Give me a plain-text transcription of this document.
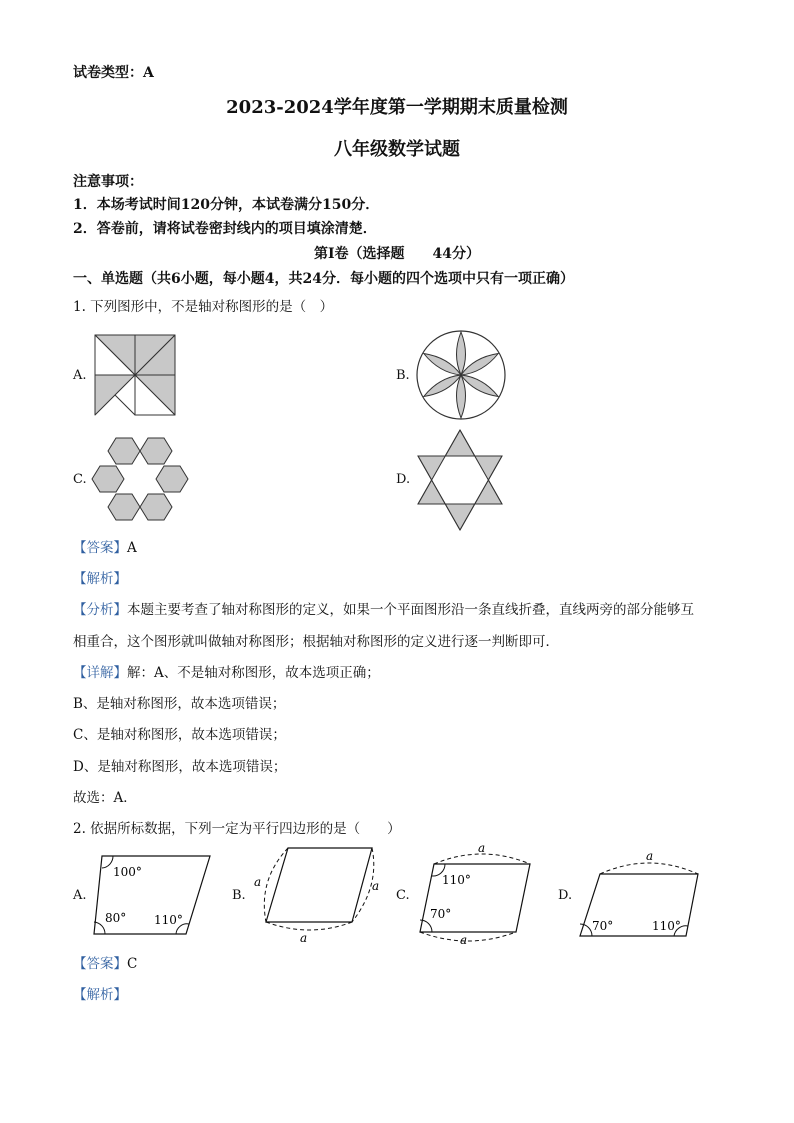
试卷类型：A
2023-2024学年度第一学期期末质量检测
八年级数学试题
注意事项：
1．本场考试时间120分钟，本试卷满分150分．
2．答卷前，请将试卷密封线内的项目填涂清楚．
第I卷（选择题　　44分）
一、单选题（共6小题，每小题4，共24分．每小题的四个选项中只有一项正确）
1. 下列图形中，不是轴对称图形的是（　）
A.	B.
C.	D.
【答案】A
【解析】
【分析】本题主要考查了轴对称图形的定义，如果一个平面图形沿一条直线折叠，直线两旁的部分能够互
相重合，这个图形就叫做轴对称图形；根据轴对称图形的定义进行逐一判断即可．
【详解】解：A、不是轴对称图形，故本选项正确；
B、是轴对称图形，故本选项错误；
C、是轴对称图形，故本选项错误；
D、是轴对称图形，故本选项错误；
故选：A．
2. 依据所标数据，下列一定为平行四边形的是（　　）
A.
100°
80° 110°
B.
a	a
a
C.
a
a
110°
70°
D.
a
70°	110°
【答案】C
【解析】
